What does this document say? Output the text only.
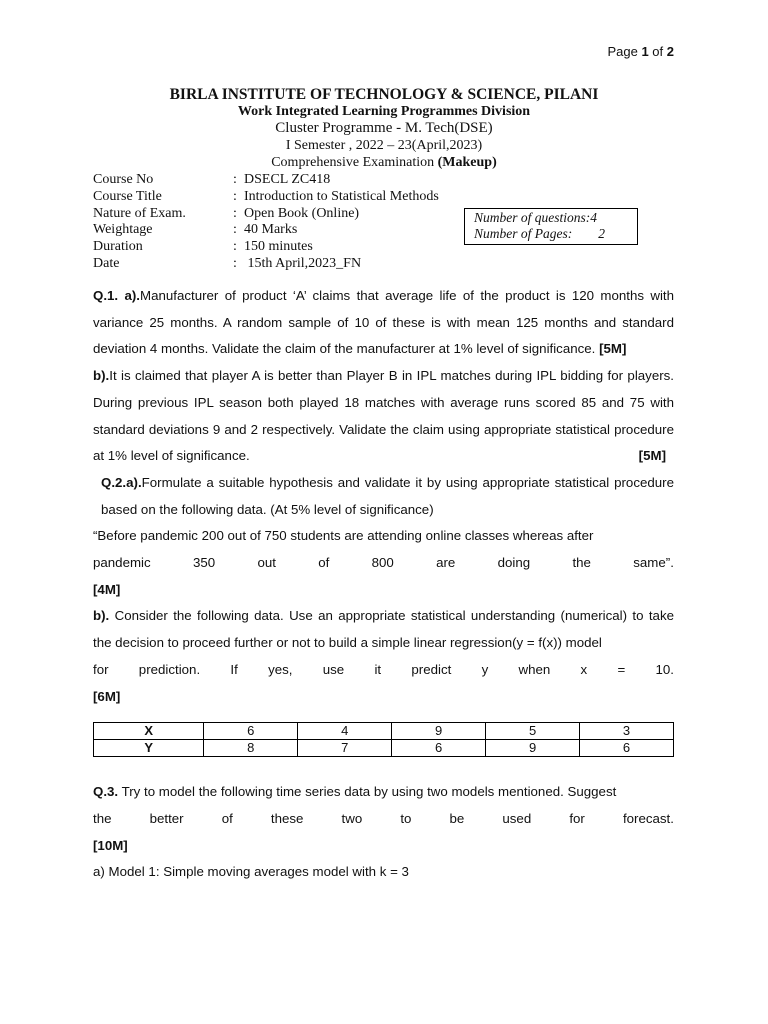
Page 1 of 2
BIRLA INSTITUTE OF TECHNOLOGY & SCIENCE, PILANI
Work Integrated Learning Programmes Division
Cluster Programme - M. Tech(DSE)
I Semester , 2022 – 23(April,2023)
Comprehensive Examination (Makeup)
Course No	: DSECL ZC418
Course Title	: Introduction to Statistical Methods
Nature of Exam.	: Open Book (Online)
Weightage	: 40 Marks
Duration	: 150 minutes
Date	: 15th April,2023_FN
Number of questions:4
Number of Pages: 2

Q.1. a).Manufacturer of product ‘A’ claims that average life of the product is 120 months with variance 25 months. A random sample of 10 of these is with mean 125 months and standard deviation 4 months. Validate the claim of the manufacturer at 1% level of significance. [5M]

b).It is claimed that player A is better than Player B in IPL matches during IPL bidding for players. During previous IPL season both played 18 matches with average runs scored 85 and 75 with standard deviations 9 and 2 respectively. Validate the claim using appropriate statistical procedure at 1% level of significance.	[5M]

Q.2.a).Formulate a suitable hypothesis and validate it by using appropriate statistical procedure based on the following data. (At 5% level of significance)

“Before pandemic 200 out of 750 students are attending online classes whereas after

pandemic	350	out	of	800	are	doing	the	same”.

[4M]

b). Consider the following data. Use an appropriate statistical understanding (numerical) to take the decision to proceed further or not to build a simple linear regression(y = f(x)) model

for prediction. If yes, use it predict y when x = 10.

[6M]

X	6	4	9	5	3
Y	8	7	6	9	6

Q.3. Try to model the following time series data by using two models mentioned. Suggest

the	better	of	these	two	to	be	used	for	forecast.

[10M]

a) Model 1: Simple moving averages model with k = 3
